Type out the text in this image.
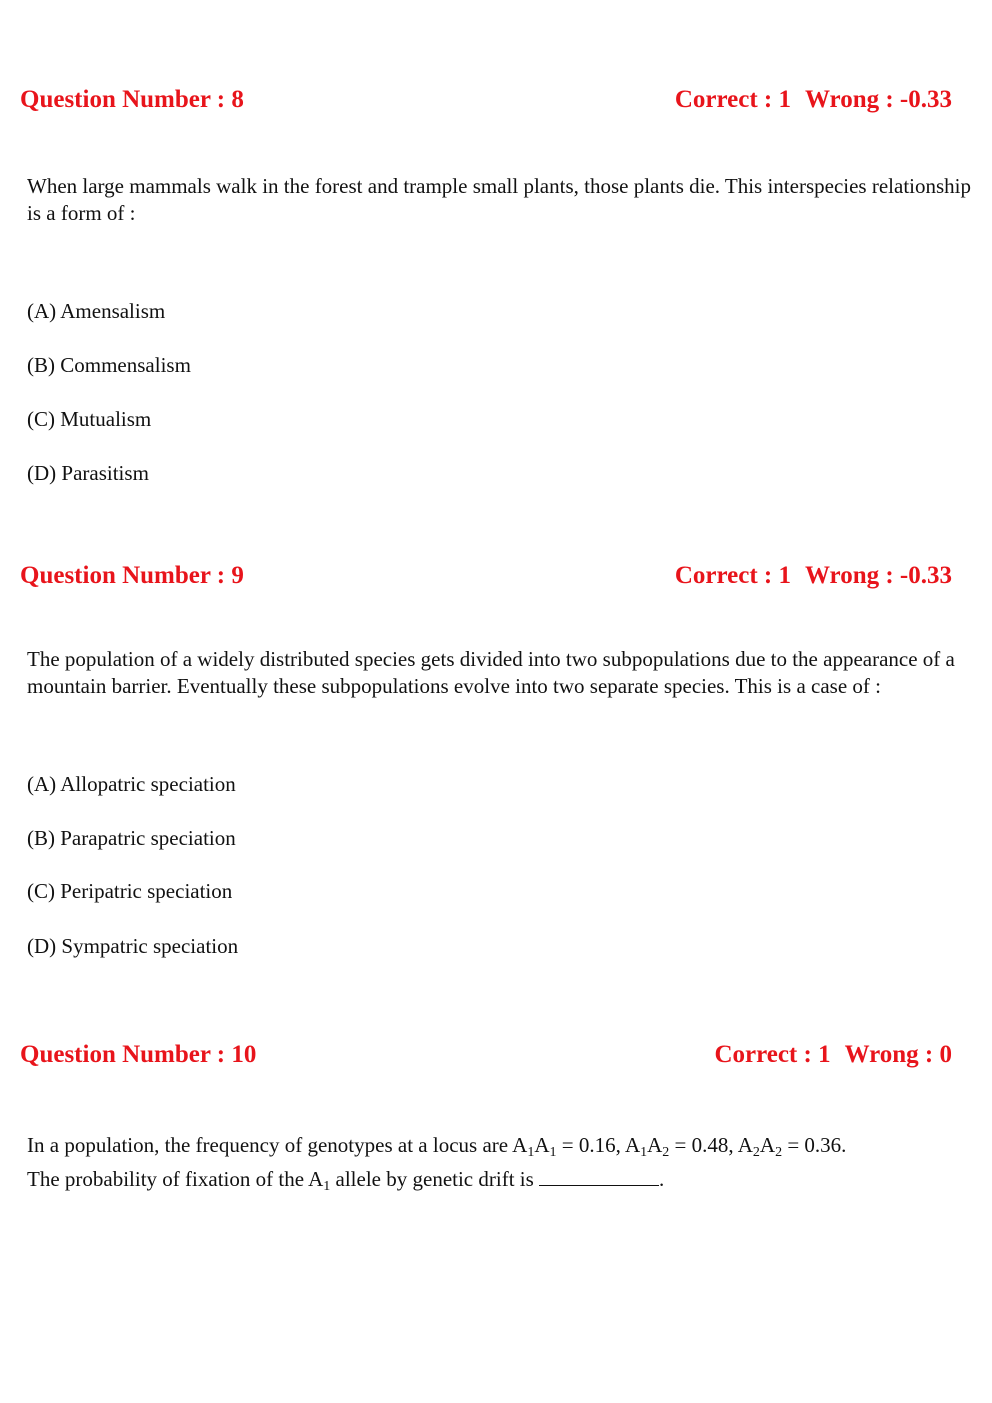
Question Number : 8	Correct : 1 Wrong : -0.33
When large mammals walk in the forest and trample small plants, those plants die. This interspecies relationship is a form of :
(A) Amensalism
(B) Commensalism
(C) Mutualism
(D) Parasitism
Question Number : 9	Correct : 1 Wrong : -0.33
The population of a widely distributed species gets divided into two subpopulations due to the appearance of a mountain barrier. Eventually these subpopulations evolve into two separate species. This is a case of :
(A) Allopatric speciation
(B) Parapatric speciation
(C) Peripatric speciation
(D) Sympatric speciation
Question Number : 10	Correct : 1 Wrong : 0
In a population, the frequency of genotypes at a locus are $A_1A_1 = 0.16$, $A_1A_2 = 0.48$, $A_2A_2 = 0.36$.
The probability of fixation of the $A_1$ allele by genetic drift is	.
